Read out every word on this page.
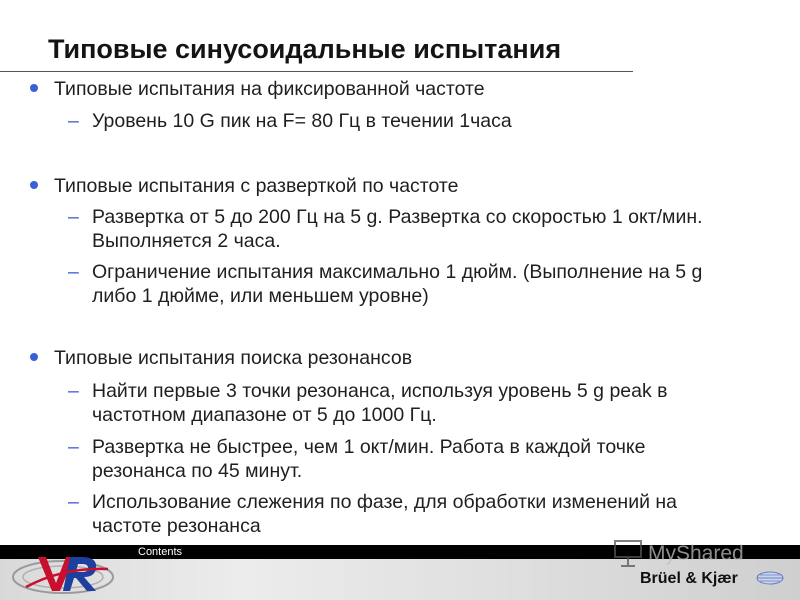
Типовые синусоидальные испытания
Типовые испытания на фиксированной частоте
– Уровень 10 G пик на F= 80 Гц в течении 1часа
Типовые испытания с разверткой по частоте
– Развертка от 5 до 200 Гц на 5 g. Развертка со скоростью 1 окт/мин.
Выполняется 2 часа.
– Ограничение испытания максимально 1 дюйм. (Выполнение на 5 g
либо 1 дюйме, или меньшем уровне)
Типовые испытания поиска резонансов
– Найти первые 3 точки резонанса, используя уровень 5 g peak в
частотном диапазоне от 5 до 1000 Гц.
– Развертка не быстрее, чем 1 окт/мин. Работа в каждой точке
резонанса по 45 минут.
– Использование слежения по фазе, для обработки изменений на
частоте резонанса
Contents	MyShared
Brüel & Kjær
